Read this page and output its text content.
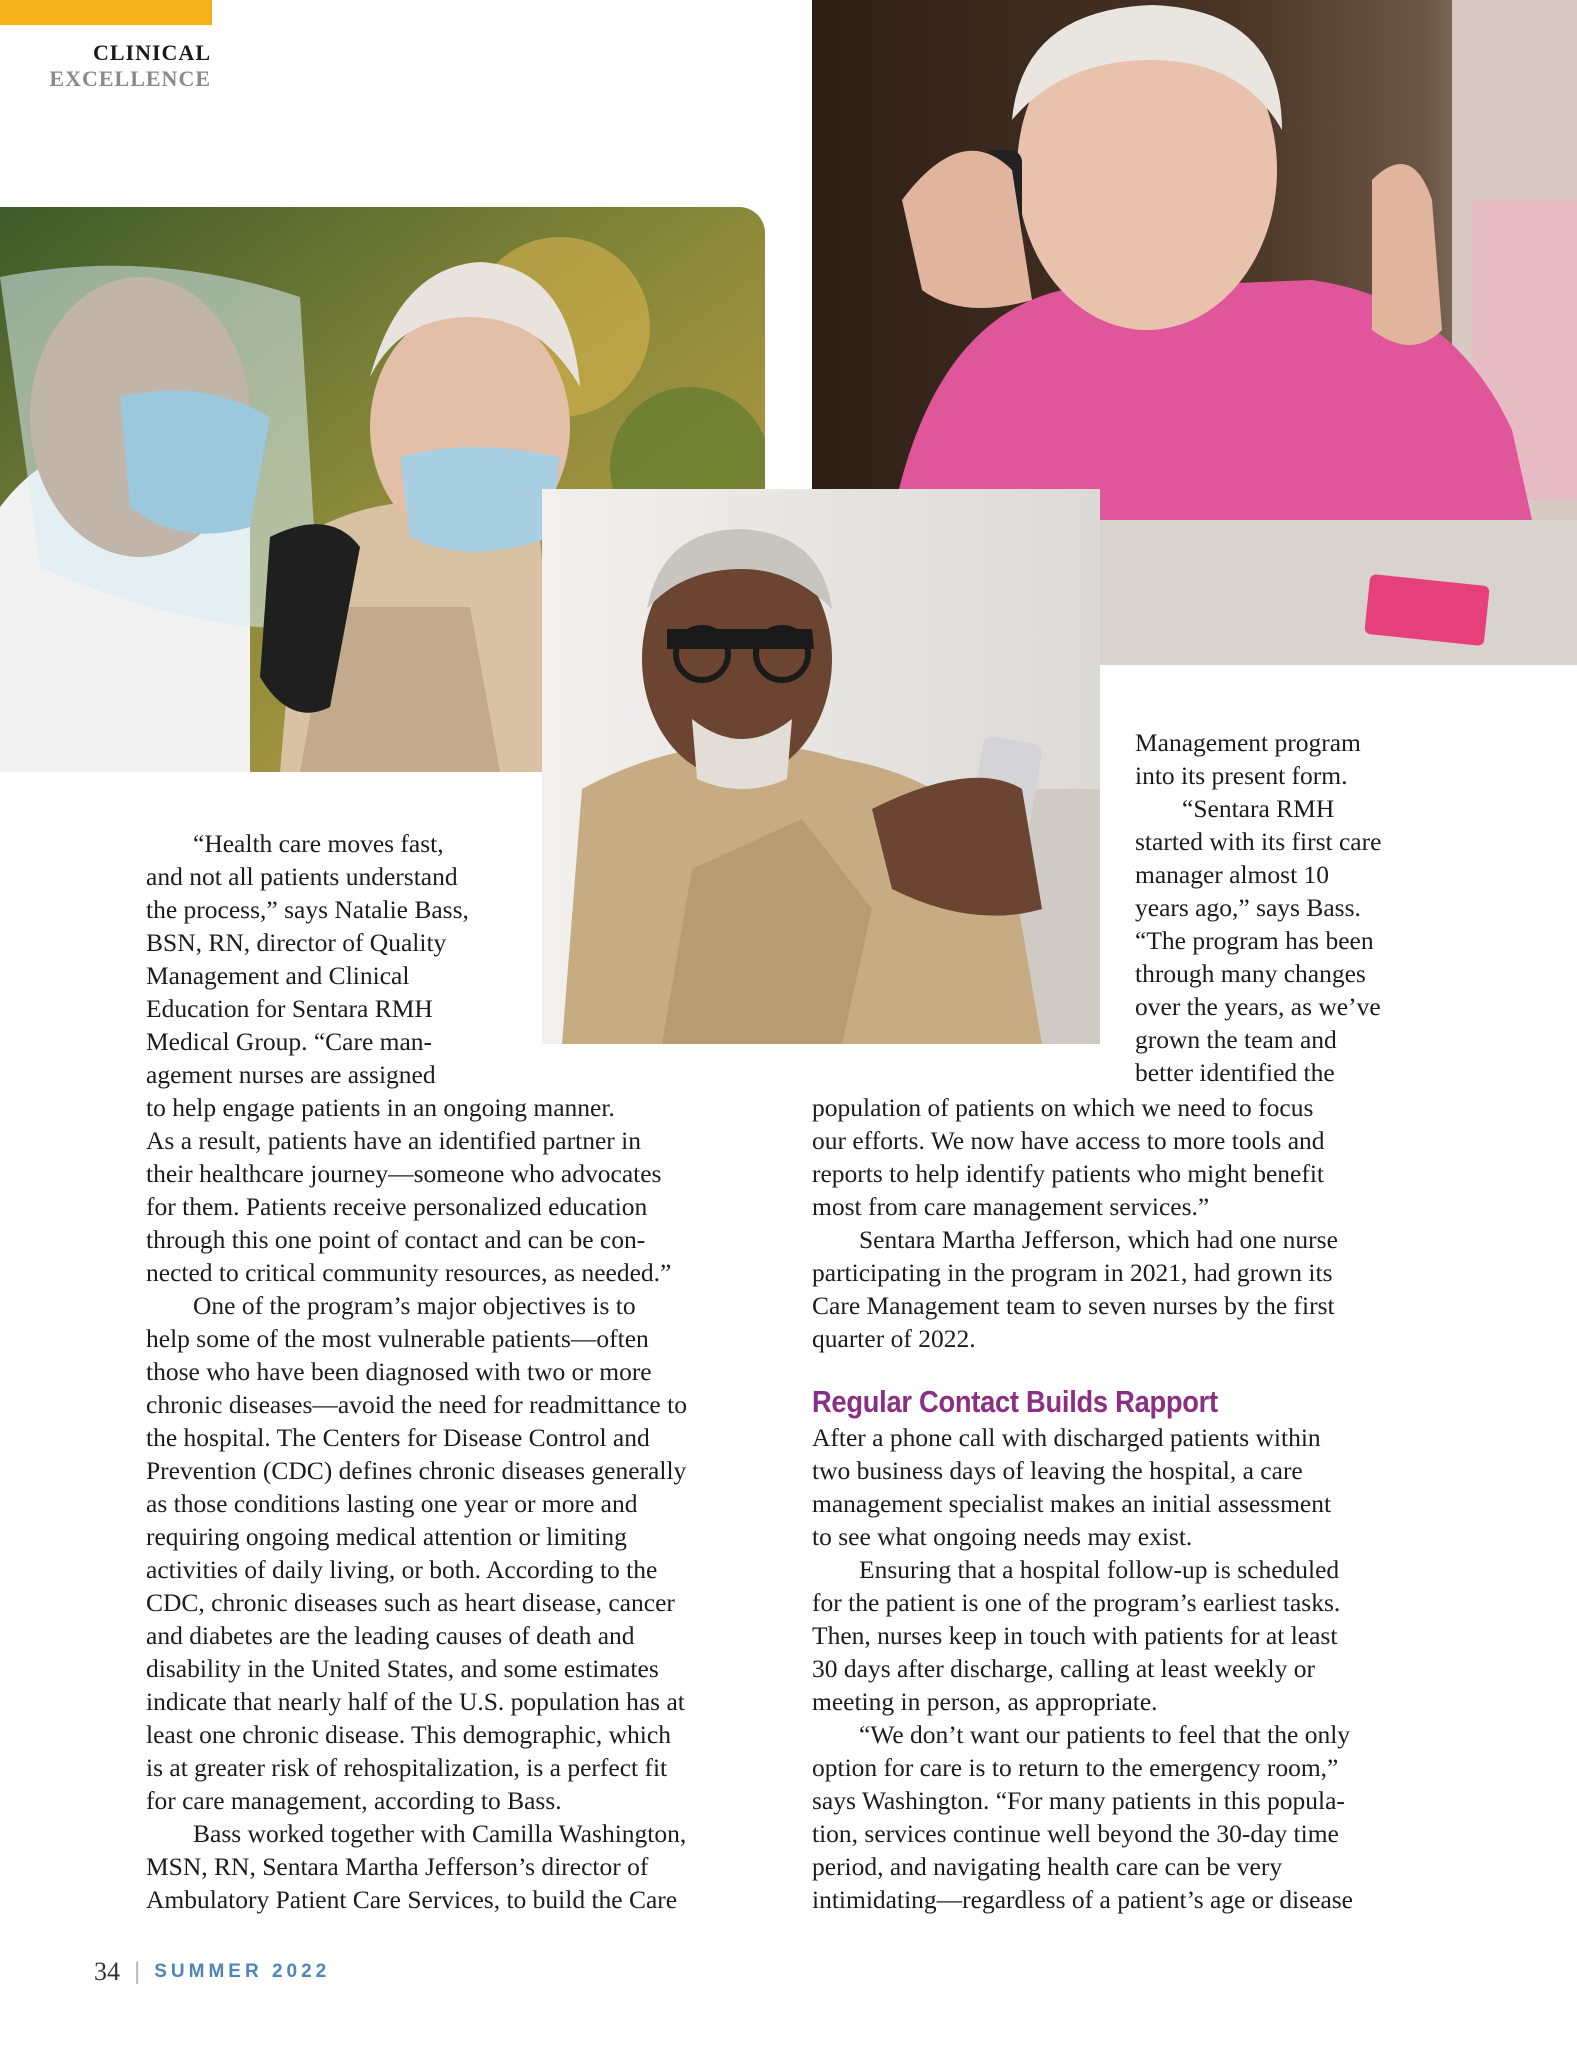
CLINICAL
EXCELLENCE
“Health care moves fast,
and not all patients understand
the process,” says Natalie Bass,
BSN, RN, director of Quality
Management and Clinical
Education for Sentara RMH
Medical Group. “Care man-
agement nurses are assigned
to help engage patients in an ongoing manner.
As a result, patients have an identified partner in
their healthcare journey—someone who advocates
for them. Patients receive personalized education
through this one point of contact and can be con-
nected to critical community resources, as needed.”
One of the program’s major objectives is to
help some of the most vulnerable patients—often
those who have been diagnosed with two or more
chronic diseases—avoid the need for readmittance to
the hospital. The Centers for Disease Control and
Prevention (CDC) defines chronic diseases generally
as those conditions lasting one year or more and
requiring ongoing medical attention or limiting
activities of daily living, or both. According to the
CDC, chronic diseases such as heart disease, cancer
and diabetes are the leading causes of death and
disability in the United States, and some estimates
indicate that nearly half of the U.S. population has at
least one chronic disease. This demographic, which
is at greater risk of rehospitalization, is a perfect fit
for care management, according to Bass.
Bass worked together with Camilla Washington,
MSN, RN, Sentara Martha Jefferson’s director of
Ambulatory Patient Care Services, to build the Care
Management program
into its present form.
“Sentara RMH
started with its first care
manager almost 10
years ago,” says Bass.
“The program has been
through many changes
over the years, as we’ve
grown the team and
better identified the
population of patients on which we need to focus
our efforts. We now have access to more tools and
reports to help identify patients who might benefit
most from care management services.”
Sentara Martha Jefferson, which had one nurse
participating in the program in 2021, had grown its
Care Management team to seven nurses by the first
quarter of 2022.
Regular Contact Builds Rapport
After a phone call with discharged patients within
two business days of leaving the hospital, a care
management specialist makes an initial assessment
to see what ongoing needs may exist.
Ensuring that a hospital follow-up is scheduled
for the patient is one of the program’s earliest tasks.
Then, nurses keep in touch with patients for at least
30 days after discharge, calling at least weekly or
meeting in person, as appropriate.
“We don’t want our patients to feel that the only
option for care is to return to the emergency room,”
says Washington. “For many patients in this popula-
tion, services continue well beyond the 30-day time
period, and navigating health care can be very
intimidating—regardless of a patient’s age or disease
34 | SUMMER 2022
